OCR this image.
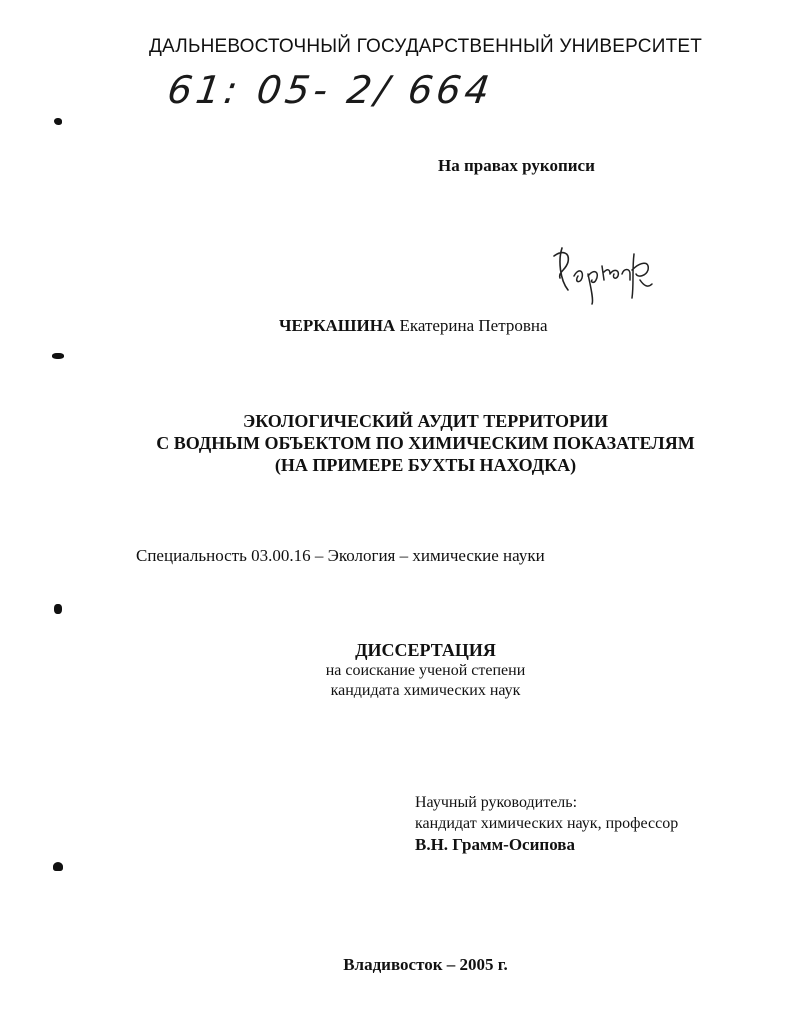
ДАЛЬНЕВОСТОЧНЫЙ ГОСУДАРСТВЕННЫЙ УНИВЕРСИТЕТ
61: 05- 2/ 664
На правах рукописи
ЧЕРКАШИНА Екатерина Петровна
ЭКОЛОГИЧЕСКИЙ АУДИТ ТЕРРИТОРИИ
С ВОДНЫМ ОБЪЕКТОМ ПО ХИМИЧЕСКИМ ПОКАЗАТЕЛЯМ
(НА ПРИМЕРЕ БУХТЫ НАХОДКА)
Специальность 03.00.16 – Экология – химические науки
ДИССЕРТАЦИЯ
на соискание ученой степени
кандидата химических наук
Научный руководитель:
кандидат химических наук, профессор
В.Н. Грамм-Осипова
Владивосток – 2005 г.
